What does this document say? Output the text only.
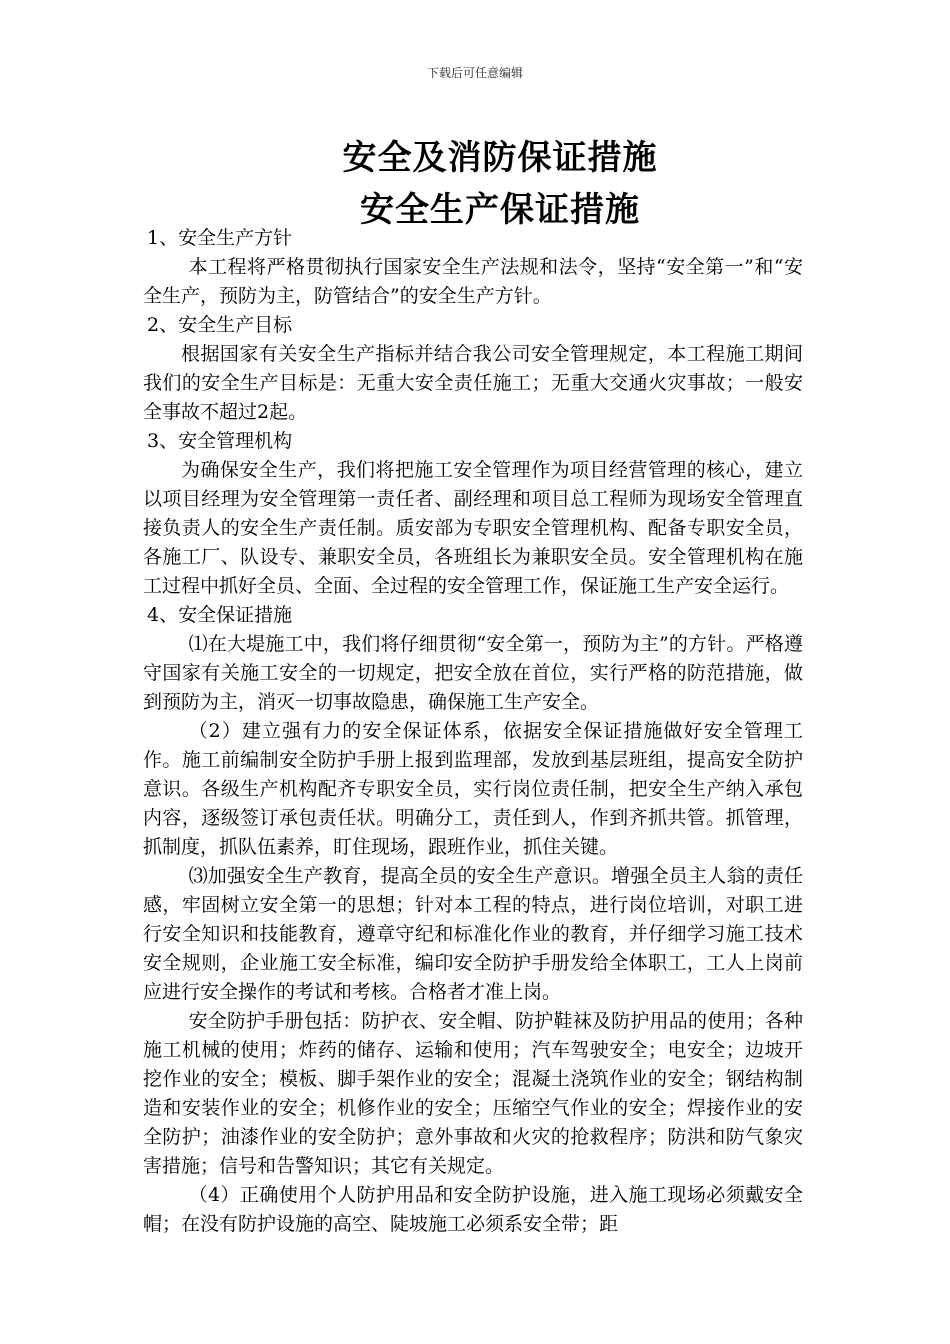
下载后可任意编辑
安全及消防保证措施
安全生产保证措施

1、安全生产方针

本工程将严格贯彻执行国家安全生产法规和法令，坚持“安全第一”和“安全生产，预防为主，防管结合”的安全生产方针。

2、安全生产目标

根据国家有关安全生产指标并结合我公司安全管理规定，本工程施工期间我们的安全生产目标是：无重大安全责任施工；无重大交通火灾事故；一般安全事故不超过2起。

3、安全管理机构

为确保安全生产，我们将把施工安全管理作为项目经营管理的核心，建立以项目经理为安全管理第一责任者、副经理和项目总工程师为现场安全管理直接负责人的安全生产责任制。质安部为专职安全管理机构、配备专职安全员，各施工厂、队设专、兼职安全员，各班组长为兼职安全员。安全管理机构在施工过程中抓好全员、全面、全过程的安全管理工作，保证施工生产安全运行。

4、安全保证措施

⑴在大堤施工中，我们将仔细贯彻“安全第一，预防为主”的方针。严格遵守国家有关施工安全的一切规定，把安全放在首位，实行严格的防范措施，做到预防为主，消灭一切事故隐患，确保施工生产安全。

（2）建立强有力的安全保证体系，依据安全保证措施做好安全管理工作。施工前编制安全防护手册上报到监理部，发放到基层班组，提高安全防护意识。各级生产机构配齐专职安全员，实行岗位责任制，把安全生产纳入承包内容，逐级签订承包责任状。明确分工，责任到人，作到齐抓共管。抓管理，抓制度，抓队伍素养，盯住现场，跟班作业，抓住关键。

⑶加强安全生产教育，提高全员的安全生产意识。增强全员主人翁的责任感，牢固树立安全第一的思想；针对本工程的特点，进行岗位培训，对职工进行安全知识和技能教育，遵章守纪和标准化作业的教育，并仔细学习施工技术安全规则，企业施工安全标准，编印安全防护手册发给全体职工，工人上岗前应进行安全操作的考试和考核。合格者才准上岗。

安全防护手册包括：防护衣、安全帽、防护鞋袜及防护用品的使用；各种施工机械的使用；炸药的储存、运输和使用；汽车驾驶安全；电安全；边坡开挖作业的安全；模板、脚手架作业的安全；混凝土浇筑作业的安全；钢结构制造和安装作业的安全；机修作业的安全；压缩空气作业的安全；焊接作业的安全防护；油漆作业的安全防护；意外事故和火灾的抢救程序；防洪和防气象灾害措施；信号和告警知识；其它有关规定。

（4）正确使用个人防护用品和安全防护设施，进入施工现场必须戴安全帽；在没有防护设施的高空、陡坡施工必须系安全带；距
